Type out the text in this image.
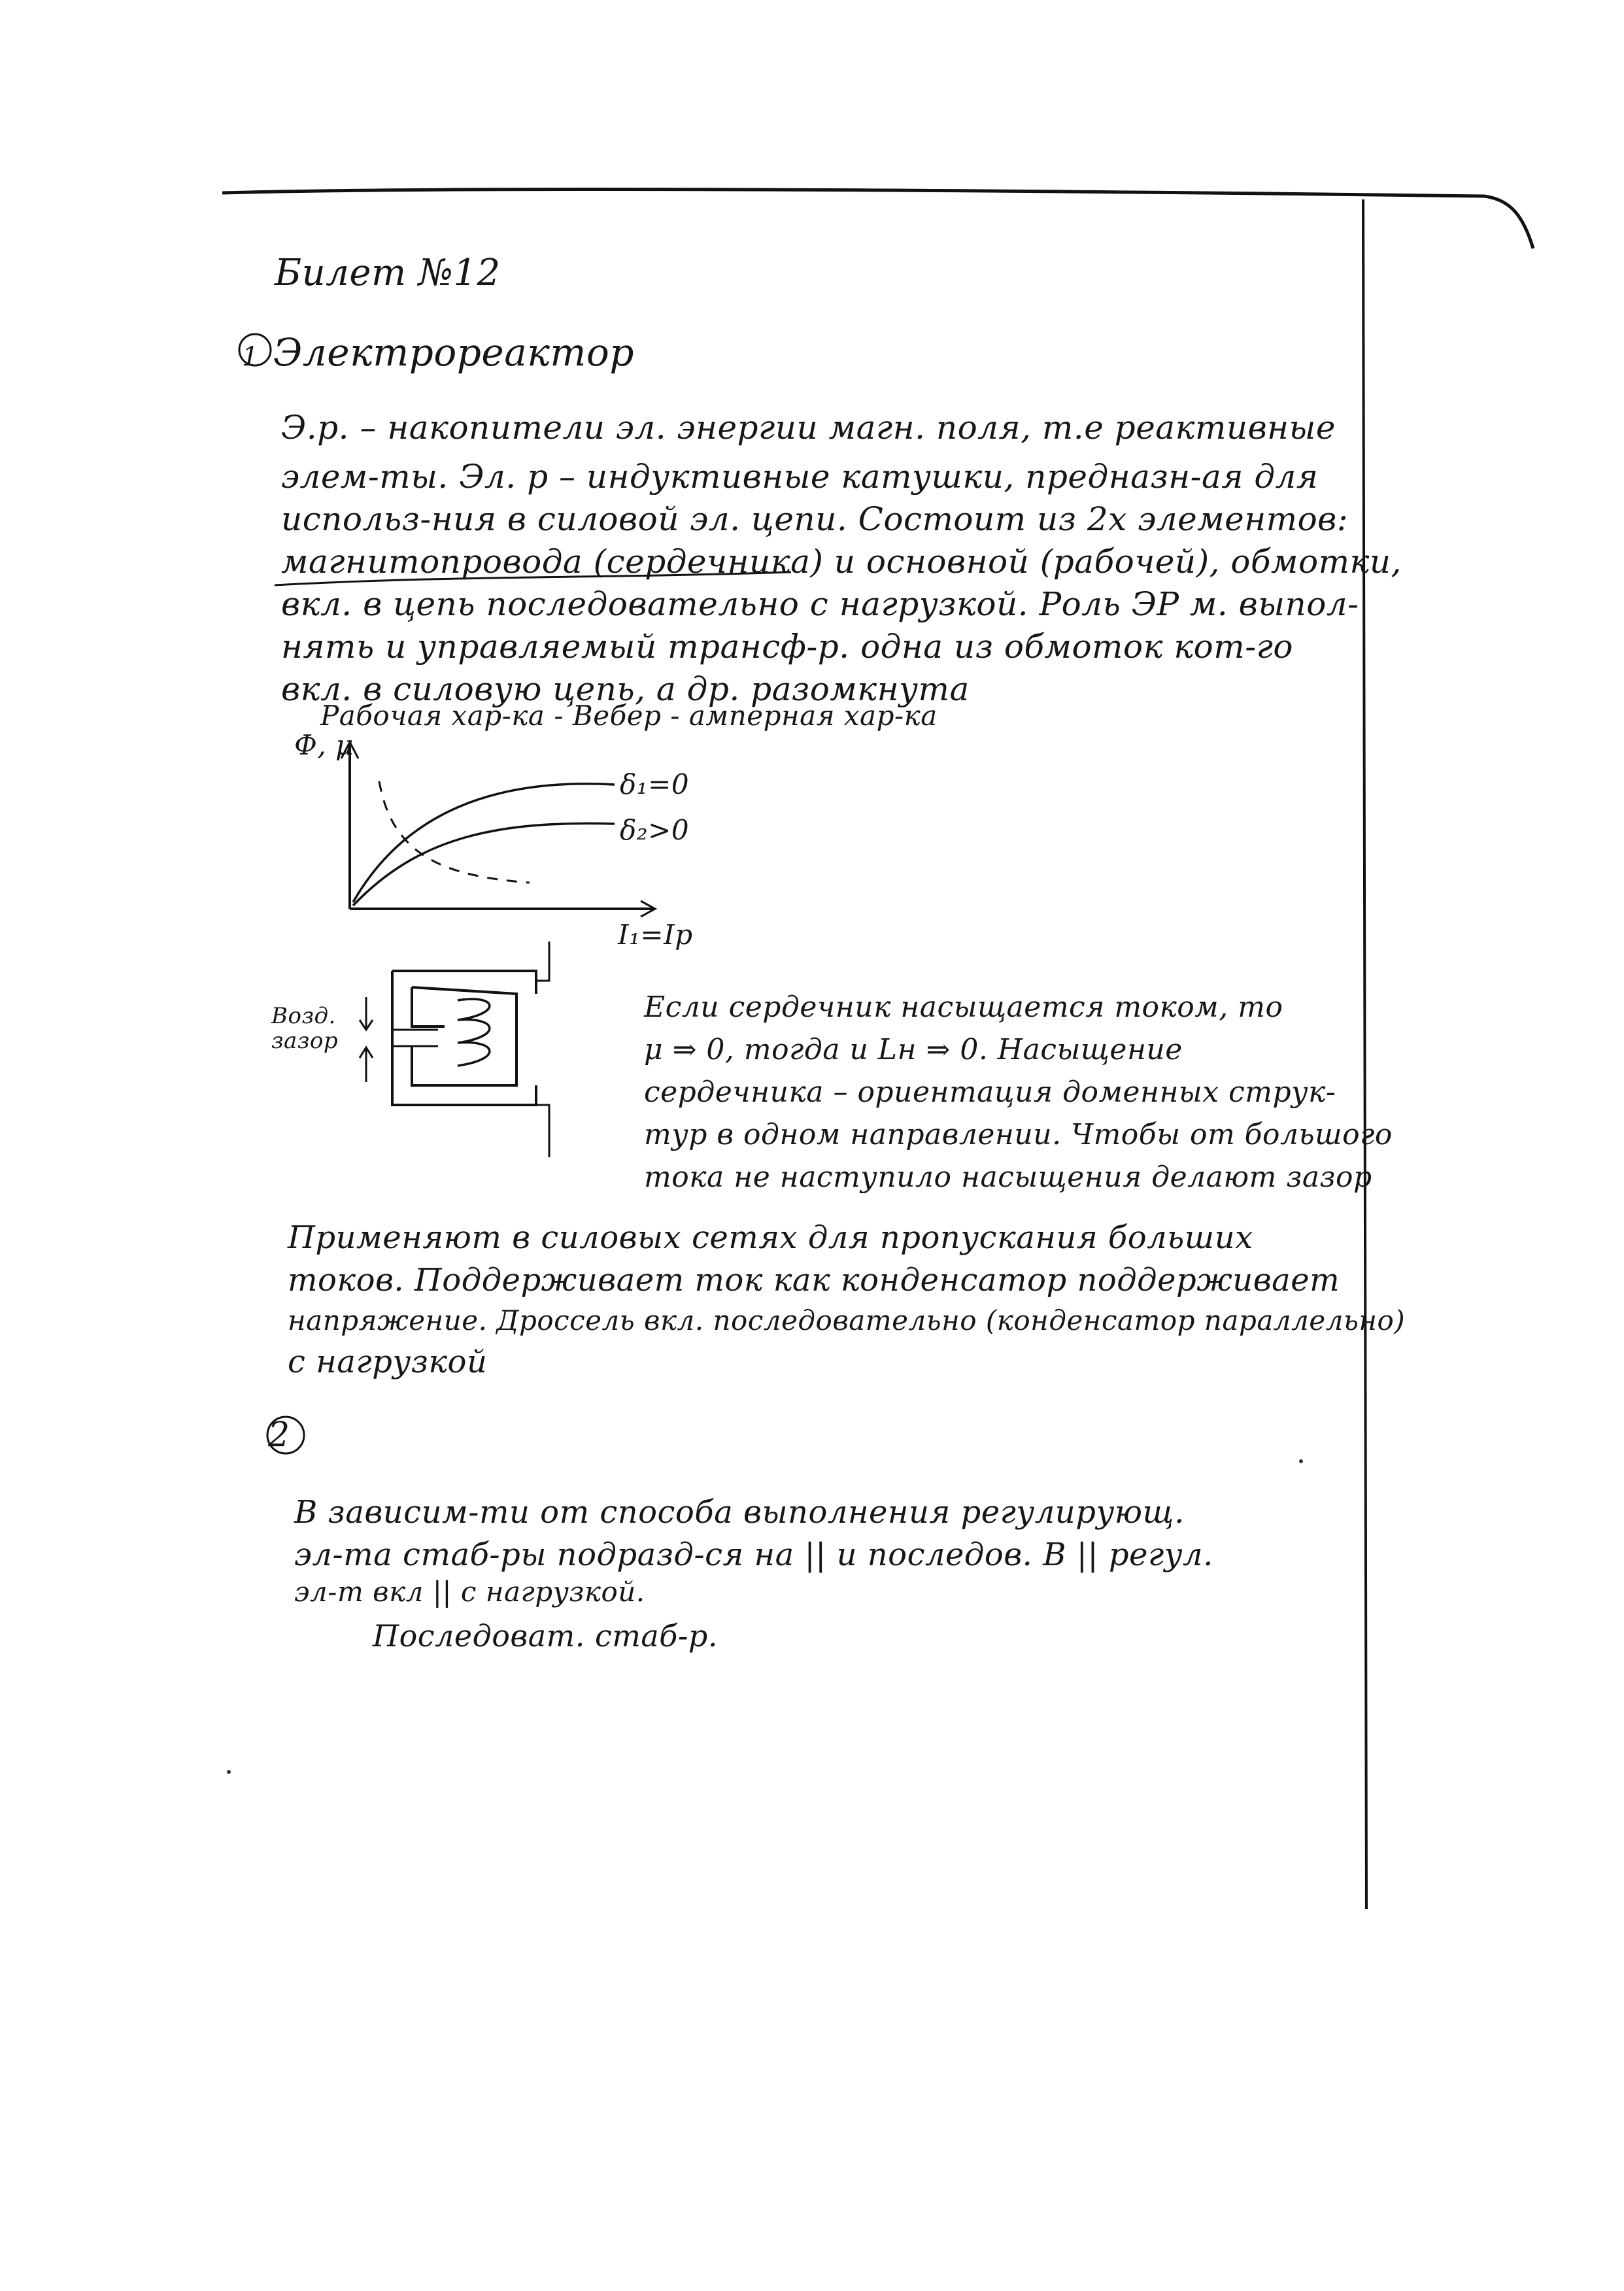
Билет №12
1 Электрореактор
Э.р. – накопители эл. энергии магн. поля, т.е реактивные
элем-ты. Эл. р – индуктивные катушки, предназн-ая для
использ-ния в силовой эл. цепи. Состоит из 2х элементов:
магнитопровода (сердечника) и основной (рабочей), обмотки,
вкл. в цепь последовательно с нагрузкой. Роль ЭР м. выпол-
нять и управляемый трансф-р. одна из обмоток кот-го
вкл. в силовую цепь, а др. разомкнута
Рабочая хар-ка - Вебер - амперная хар-ка
Ф, μ
δ₁=0
δ₂>0
I₁=Iр
Возд. зазор
Если сердечник насыщается током, то
μ ⇒ 0, тогда и Lн ⇒ 0. Насыщение
сердечника – ориентация доменных струк-
тур в одном направлении. Чтобы от большого
тока не наступило насыщения делают зазор
Применяют в силовых сетях для пропускания больших
токов. Поддерживает ток как конденсатор поддерживает
напряжение. Дроссель вкл. последовательно (конденсатор параллельно)
с нагрузкой
2
В зависим-ти от способа выполнения регулирующ.
эл-та стаб-ры подразд-ся на || и последов. В || регул.
эл-т вкл || с нагрузкой.
Последоват. стаб-р.
